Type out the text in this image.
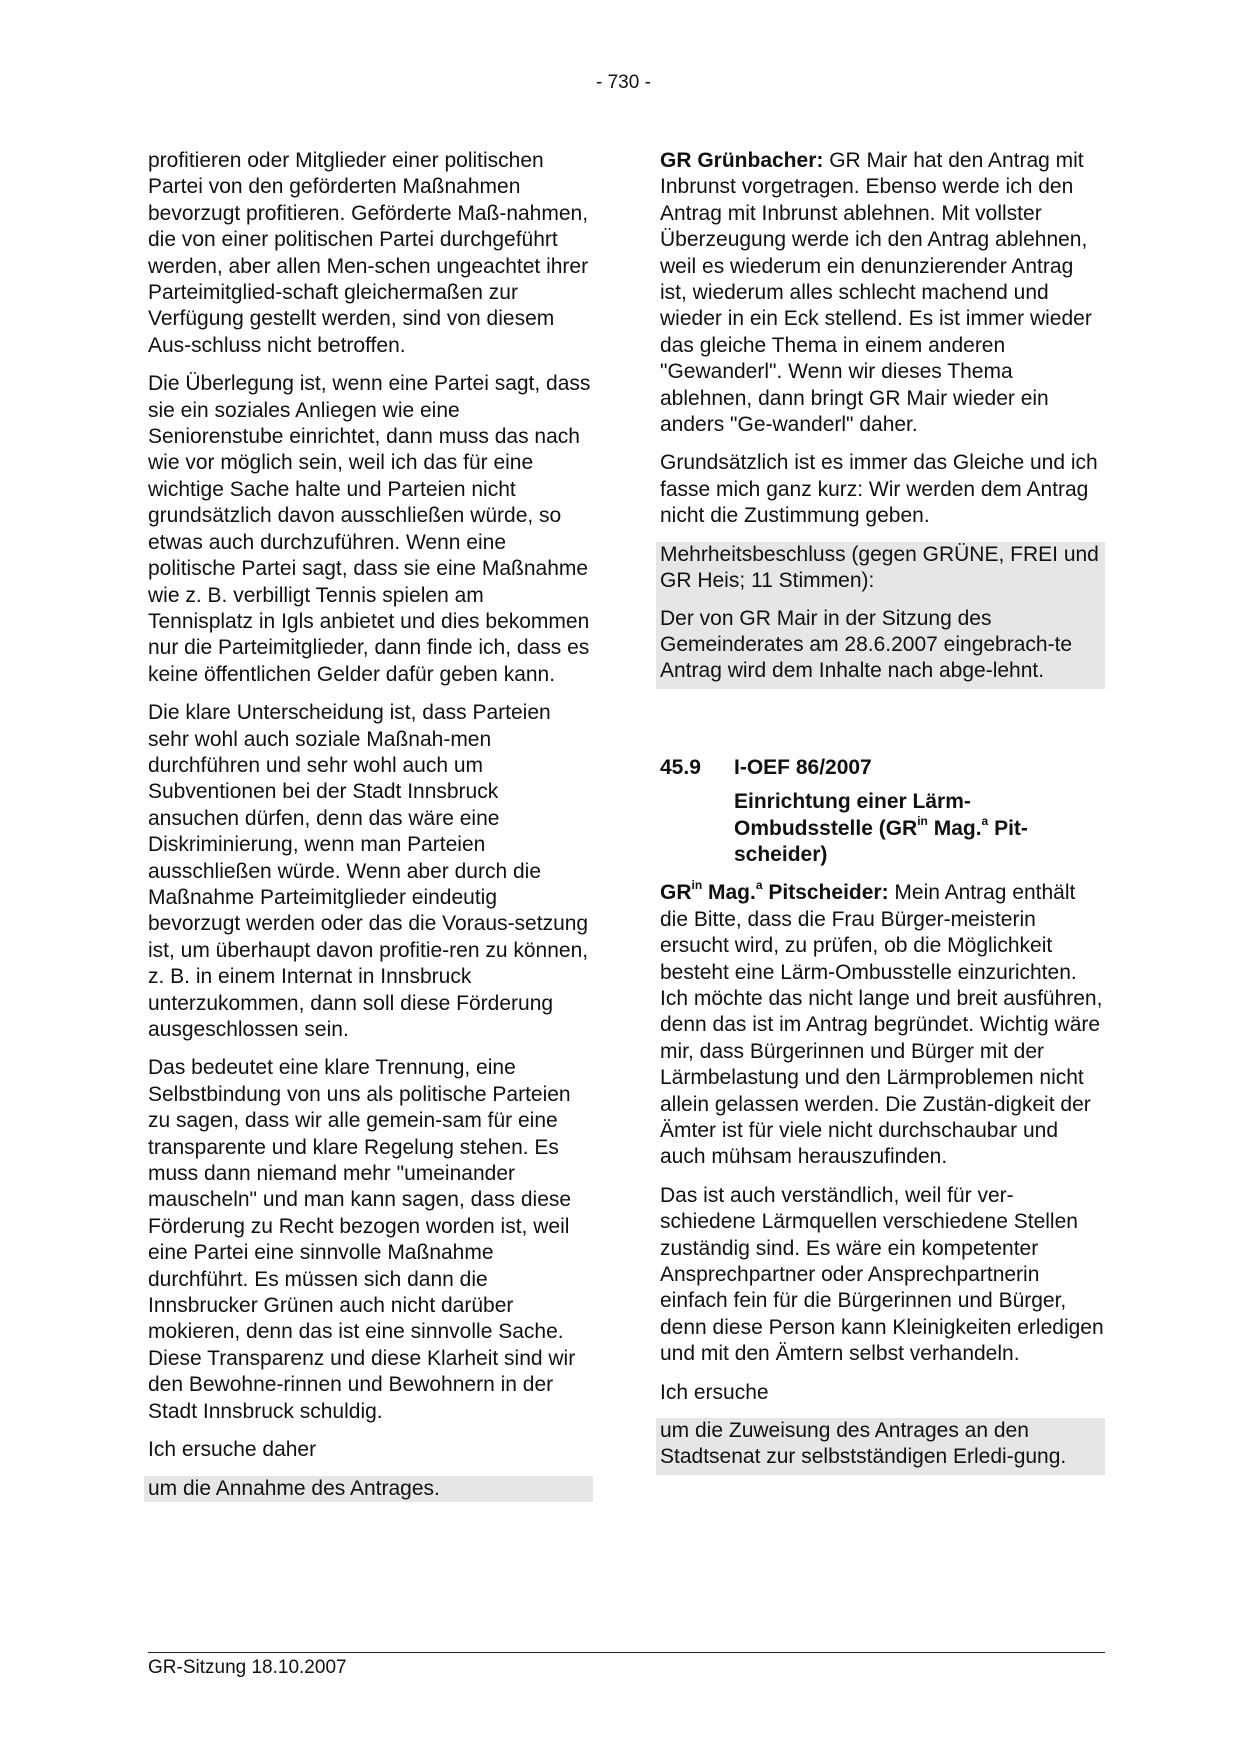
- 730 -

profitieren oder Mitglieder einer politischen Partei von den geförderten Maßnahmen bevorzugt profitieren. Geförderte Maß-nahmen, die von einer politischen Partei durchgeführt werden, aber allen Men-schen ungeachtet ihrer Parteimitglied-schaft gleichermaßen zur Verfügung gestellt werden, sind von diesem Aus-schluss nicht betroffen.

Die Überlegung ist, wenn eine Partei sagt, dass sie ein soziales Anliegen wie eine Seniorenstube einrichtet, dann muss das nach wie vor möglich sein, weil ich das für eine wichtige Sache halte und Parteien nicht grundsätzlich davon ausschließen würde, so etwas auch durchzuführen. Wenn eine politische Partei sagt, dass sie eine Maßnahme wie z. B. verbilligt Tennis spielen am Tennisplatz in Igls anbietet und dies bekommen nur die Parteimitglieder, dann finde ich, dass es keine öffentlichen Gelder dafür geben kann.

Die klare Unterscheidung ist, dass Parteien sehr wohl auch soziale Maßnah-men durchführen und sehr wohl auch um Subventionen bei der Stadt Innsbruck ansuchen dürfen, denn das wäre eine Diskriminierung, wenn man Parteien ausschließen würde. Wenn aber durch die Maßnahme Parteimitglieder eindeutig bevorzugt werden oder das die Voraus-setzung ist, um überhaupt davon profitie-ren zu können, z. B. in einem Internat in Innsbruck unterzukommen, dann soll diese Förderung ausgeschlossen sein.

Das bedeutet eine klare Trennung, eine Selbstbindung von uns als politische Parteien zu sagen, dass wir alle gemein-sam für eine transparente und klare Regelung stehen. Es muss dann niemand mehr "umeinander mauscheln" und man kann sagen, dass diese Förderung zu Recht bezogen worden ist, weil eine Partei eine sinnvolle Maßnahme durchführt. Es müssen sich dann die Innsbrucker Grünen auch nicht darüber mokieren, denn das ist eine sinnvolle Sache. Diese Transparenz und diese Klarheit sind wir den Bewohne-rinnen und Bewohnern in der Stadt Innsbruck schuldig.

Ich ersuche daher

um die Annahme des Antrages.

GR Grünbacher: GR Mair hat den Antrag mit Inbrunst vorgetragen. Ebenso werde ich den Antrag mit Inbrunst ablehnen. Mit vollster Überzeugung werde ich den Antrag ablehnen, weil es wiederum ein denunzierender Antrag ist, wiederum alles schlecht machend und wieder in ein Eck stellend. Es ist immer wieder das gleiche Thema in einem anderen "Gewanderl". Wenn wir dieses Thema ablehnen, dann bringt GR Mair wieder ein anders "Ge-wanderl" daher.

Grundsätzlich ist es immer das Gleiche und ich fasse mich ganz kurz: Wir werden dem Antrag nicht die Zustimmung geben.

Mehrheitsbeschluss (gegen GRÜNE, FREI und GR Heis; 11 Stimmen):

Der von GR Mair in der Sitzung des Gemeinderates am 28.6.2007 eingebrach-te Antrag wird dem Inhalte nach abge-lehnt.

45.9 I-OEF 86/2007
Einrichtung einer Lärm-Ombudsstelle ($GR^{in}$ Mag.$^a$ Pit-scheider)

$GR^{in}$ Mag.$^a$ Pitscheider: Mein Antrag enthält die Bitte, dass die Frau Bürger-meisterin ersucht wird, zu prüfen, ob die Möglichkeit besteht eine Lärm-Ombusstelle einzurichten. Ich möchte das nicht lange und breit ausführen, denn das ist im Antrag begründet. Wichtig wäre mir, dass Bürgerinnen und Bürger mit der Lärmbelastung und den Lärmproblemen nicht allein gelassen werden. Die Zustän-digkeit der Ämter ist für viele nicht durchschaubar und auch mühsam herauszufinden.

Das ist auch verständlich, weil für ver-schiedene Lärmquellen verschiedene Stellen zuständig sind. Es wäre ein kompetenter Ansprechpartner oder Ansprechpartnerin einfach fein für die Bürgerinnen und Bürger, denn diese Person kann Kleinigkeiten erledigen und mit den Ämtern selbst verhandeln.

Ich ersuche

um die Zuweisung des Antrages an den Stadtsenat zur selbstständigen Erledi-gung.

GR-Sitzung 18.10.2007
